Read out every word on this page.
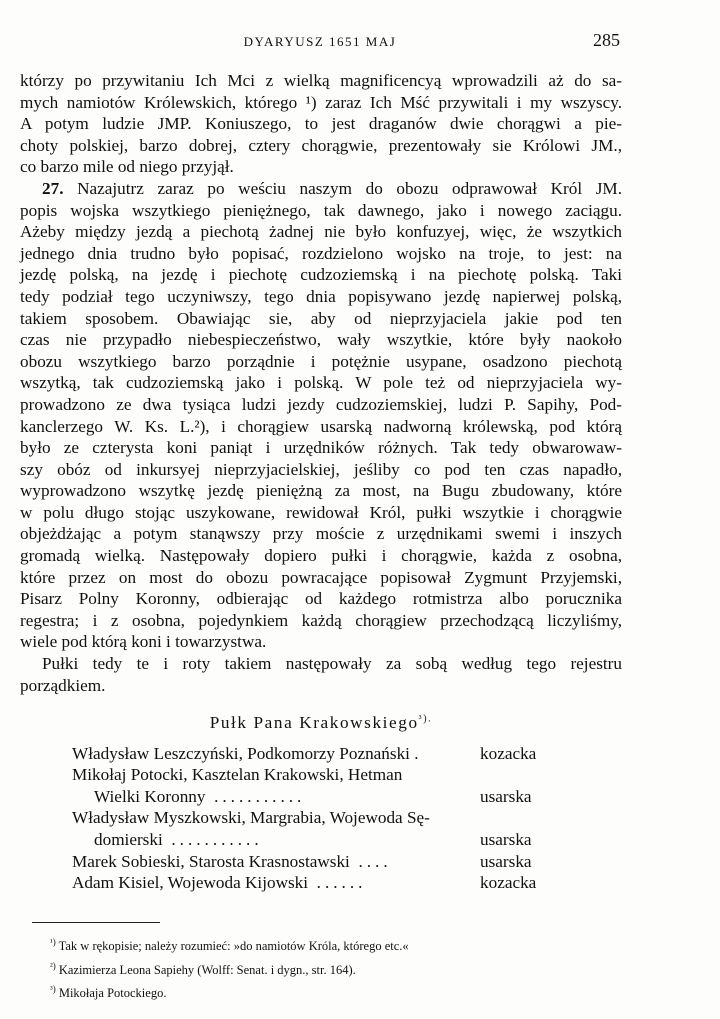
DYARYUSZ 1651 MAJ	285
którzy po przywitaniu Ich Mci z wielką magnificencyą wprowadzili aż do sa-
mych namiotów Królewskich, którego ¹) zaraz Ich Mść przywitali i my wszyscy.
A potym ludzie JMP. Koniuszego, to jest draganów dwie chorągwi a pie-
choty polskiej, barzo dobrej, cztery chorągwie, prezentowały sie Królowi JM.,
co barzo mile od niego przyjął.
27. Nazajutrz zaraz po weściu naszym do obozu odprawował Król JM.
popis wojska wszytkiego pieniężnego, tak dawnego, jako i nowego zaciągu.
Ażeby między jezdą a piechotą żadnej nie było konfuzyej, więc, że wszytkich
jednego dnia trudno było popisać, rozdzielono wojsko na troje, to jest: na
jezdę polską, na jezdę i piechotę cudzoziemską i na piechotę polską. Taki
tedy podział tego uczyniwszy, tego dnia popisywano jezdę napierwej polską,
takiem sposobem. Obawiając sie, aby od nieprzyjaciela jakie pod ten
czas nie przypadło niebespieczeństwo, wały wszytkie, które były naokoło
obozu wszytkiego barzo porządnie i potężnie usypane, osadzono piechotą
wszytką, tak cudzoziemską jako i polską. W pole też od nieprzyjaciela wy-
prowadzono ze dwa tysiąca ludzi jezdy cudzoziemskiej, ludzi P. Sapihy, Pod-
kanclerzego W. Ks. L.²), i chorągiew usarską nadworną królewską, pod którą
było ze czterysta koni paniąt i urzędników różnych. Tak tedy obwarowaw-
szy obóz od inkursyej nieprzyjacielskiej, jeśliby co pod ten czas napadło,
wyprowadzono wszytkę jezdę pieniężną za most, na Bugu zbudowany, które
w polu długo stojąc uszykowane, rewidował Król, pułki wszytkie i chorągwie
objeżdżając a potym stanąwszy przy moście z urzędnikami swemi i inszych
gromadą wielką. Następowały dopiero pułki i chorągwie, każda z osobna,
które przez on most do obozu powracające popisował Zygmunt Przyjemski,
Pisarz Polny Koronny, odbierając od każdego rotmistrza albo porucznika
regestra; i z osobna, pojedynkiem każdą chorągiew przechodzącą liczyliśmy,
wiele pod którą koni i towarzystwa.
Pułki tedy te i roty takiem następowały za sobą według tego rejestru
porządkiem.
Pułk Pana Krakowskiego$^{^3).}$
Władysław Leszczyński, Podkomorzy Poznański .	kozacka
Mikołaj Potocki, Kasztelan Krakowski, Hetman
Wielki Koronny ...........	usarska
Władysław Myszkowski, Margrabia, Wojewoda Sę-
domierski ...........	usarska
Marek Sobieski, Starosta Krasnostawski ....	usarska
Adam Kisiel, Wojewoda Kijowski ......	kozacka
$^{^1)}$ Tak w rękopisie; należy rozumieć: »do namiotów Króla, którego etc.«
$^{^2)}$ Kazimierza Leona Sapiehy (Wolff: Senat. i dygn., str. 164).
$^{^3)}$ Mikołaja Potockiego.
